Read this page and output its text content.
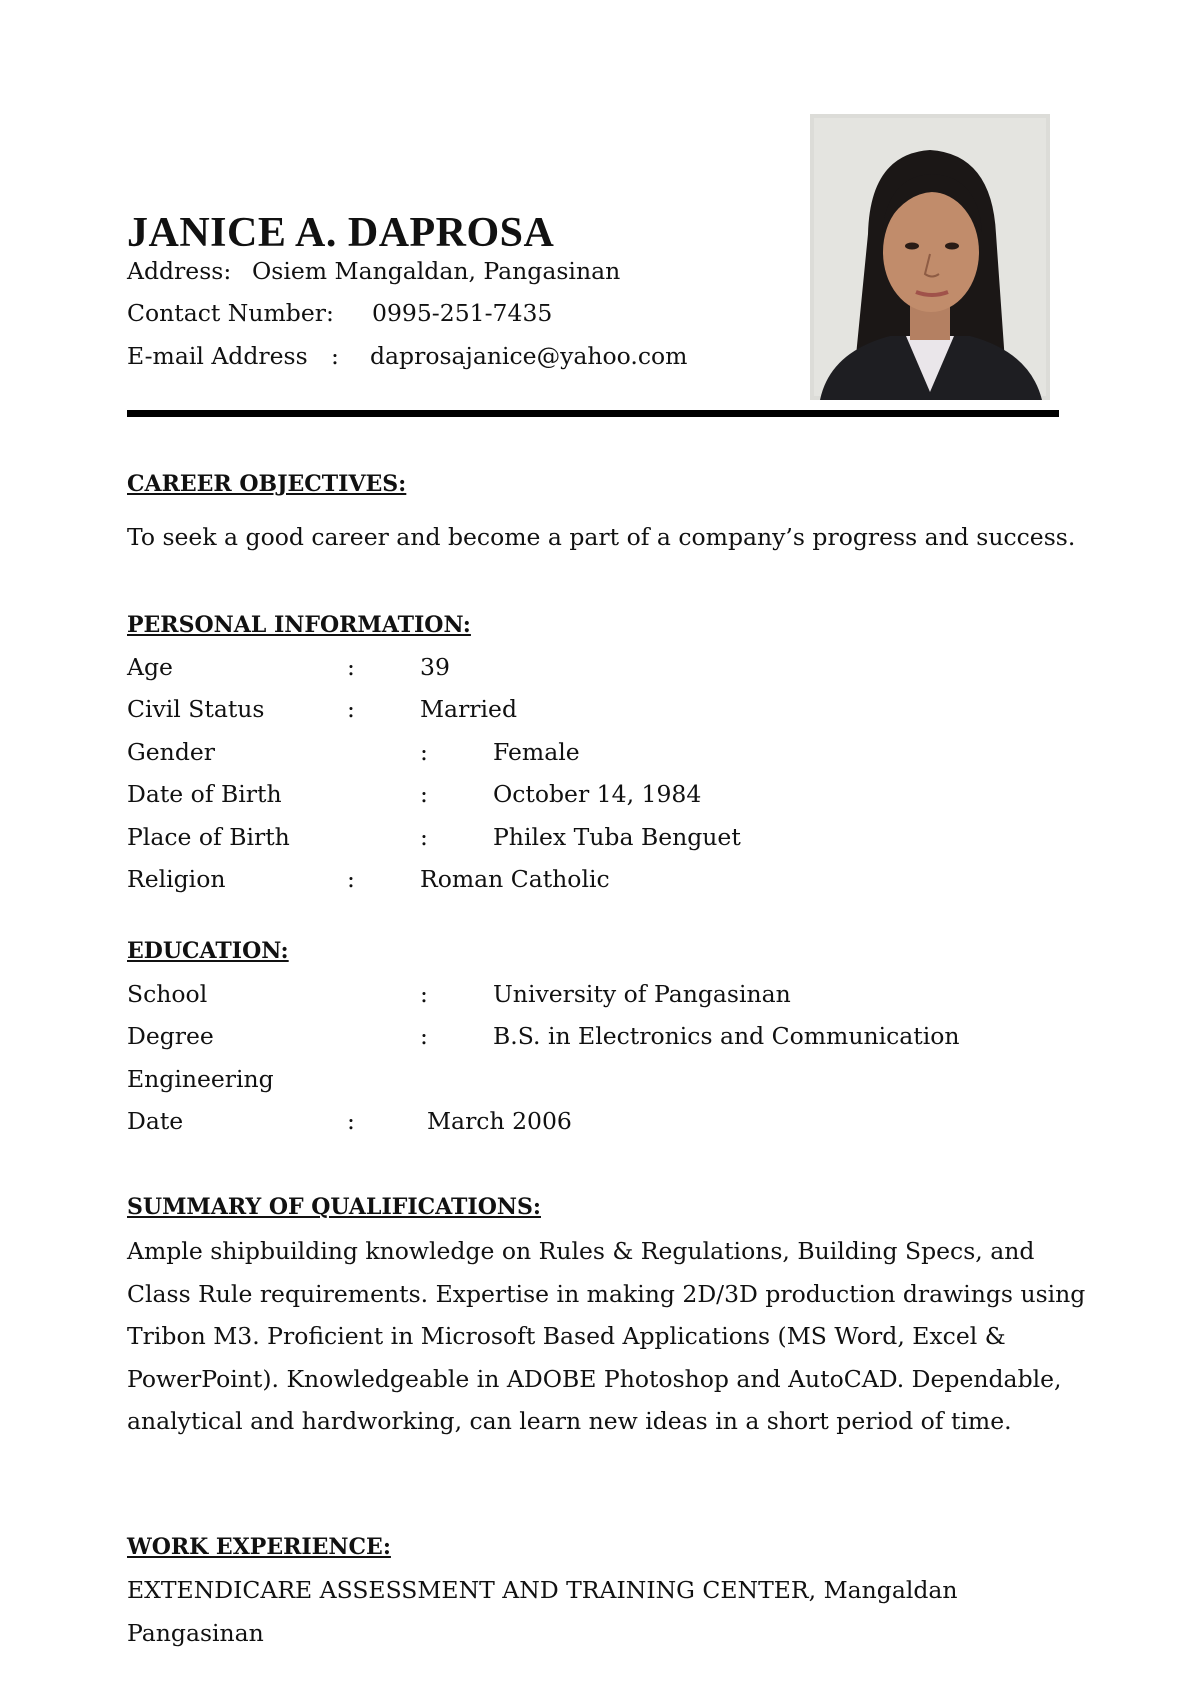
JANICE A. DAPROSA
Address: Osiem Mangaldan, Pangasinan
Contact Number: 0995-251-7435
E-mail Address : daprosajanice@yahoo.com
CAREER OBJECTIVES:
To seek a good career and become a part of a company’s progress and success.
PERSONAL INFORMATION:
Age	:	39
Civil Status	:	Married
Gender	:	Female
Date of Birth	:	October 14, 1984
Place of Birth	:	Philex Tuba Benguet
Religion	:	Roman Catholic
EDUCATION:
School	:	University of Pangasinan
Degree	:	B.S. in Electronics and Communication
Engineering
Date	:	March 2006
SUMMARY OF QUALIFICATIONS:
Ample shipbuilding knowledge on Rules & Regulations, Building Specs, and Class Rule requirements. Expertise in making 2D/3D production drawings using Tribon M3. Proficient in Microsoft Based Applications (MS Word, Excel & PowerPoint). Knowledgeable in ADOBE Photoshop and AutoCAD. Dependable, analytical and hardworking, can learn new ideas in a short period of time.
WORK EXPERIENCE:
EXTENDICARE ASSESSMENT AND TRAINING CENTER, Mangaldan
Pangasinan
